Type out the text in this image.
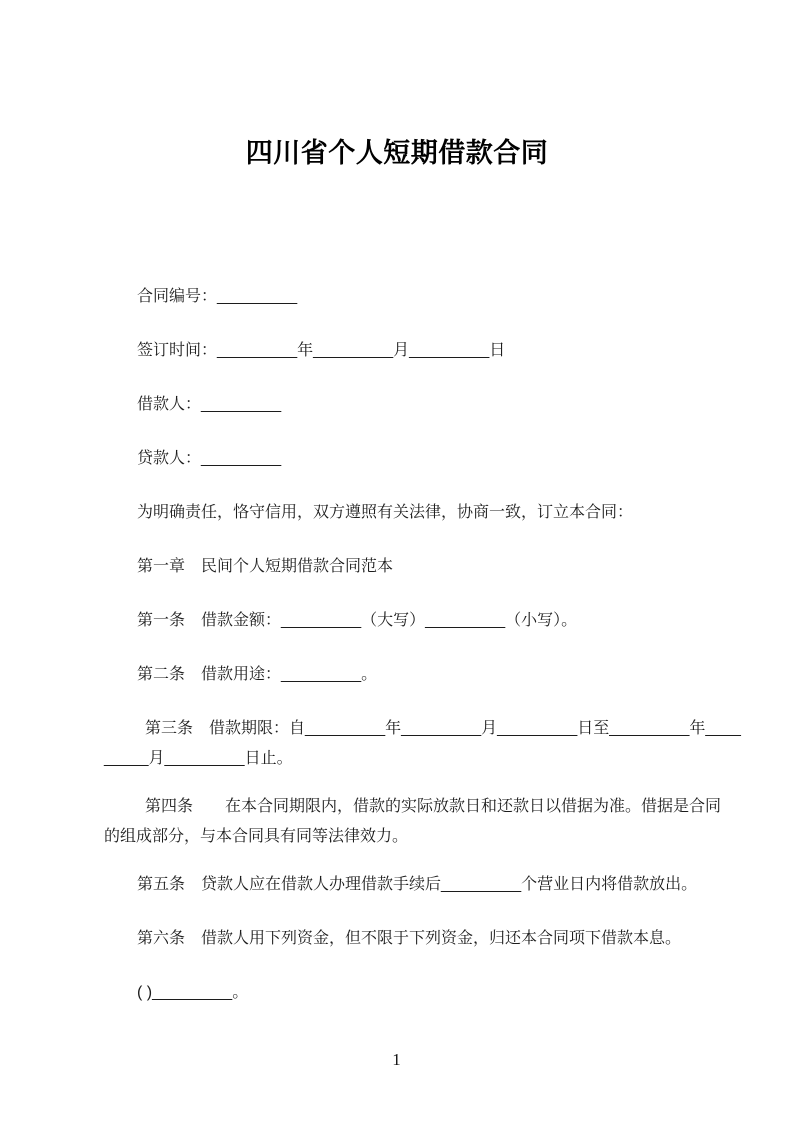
四川省个人短期借款合同
合同编号：_________
签订时间：_________年_________月_________日
借款人：_________
贷款人：_________
为明确责任，恪守信用，双方遵照有关法律，协商一致，订立本合同：
第一章　民间个人短期借款合同范本
第一条　借款金额：_________（大写）_________（小写）。
第二条　借款用途：_________。
第三条　借款期限：自_________年_________月_________日至_________年____
_____月_________日止。
第四条　　在本合同期限内，借款的实际放款日和还款日以借据为准。借据是合同
的组成部分，与本合同具有同等法律效力。
第五条　贷款人应在借款人办理借款手续后_________个营业日内将借款放出。
第六条　借款人用下列资金，但不限于下列资金，归还本合同项下借款本息。
( )_________。
1
